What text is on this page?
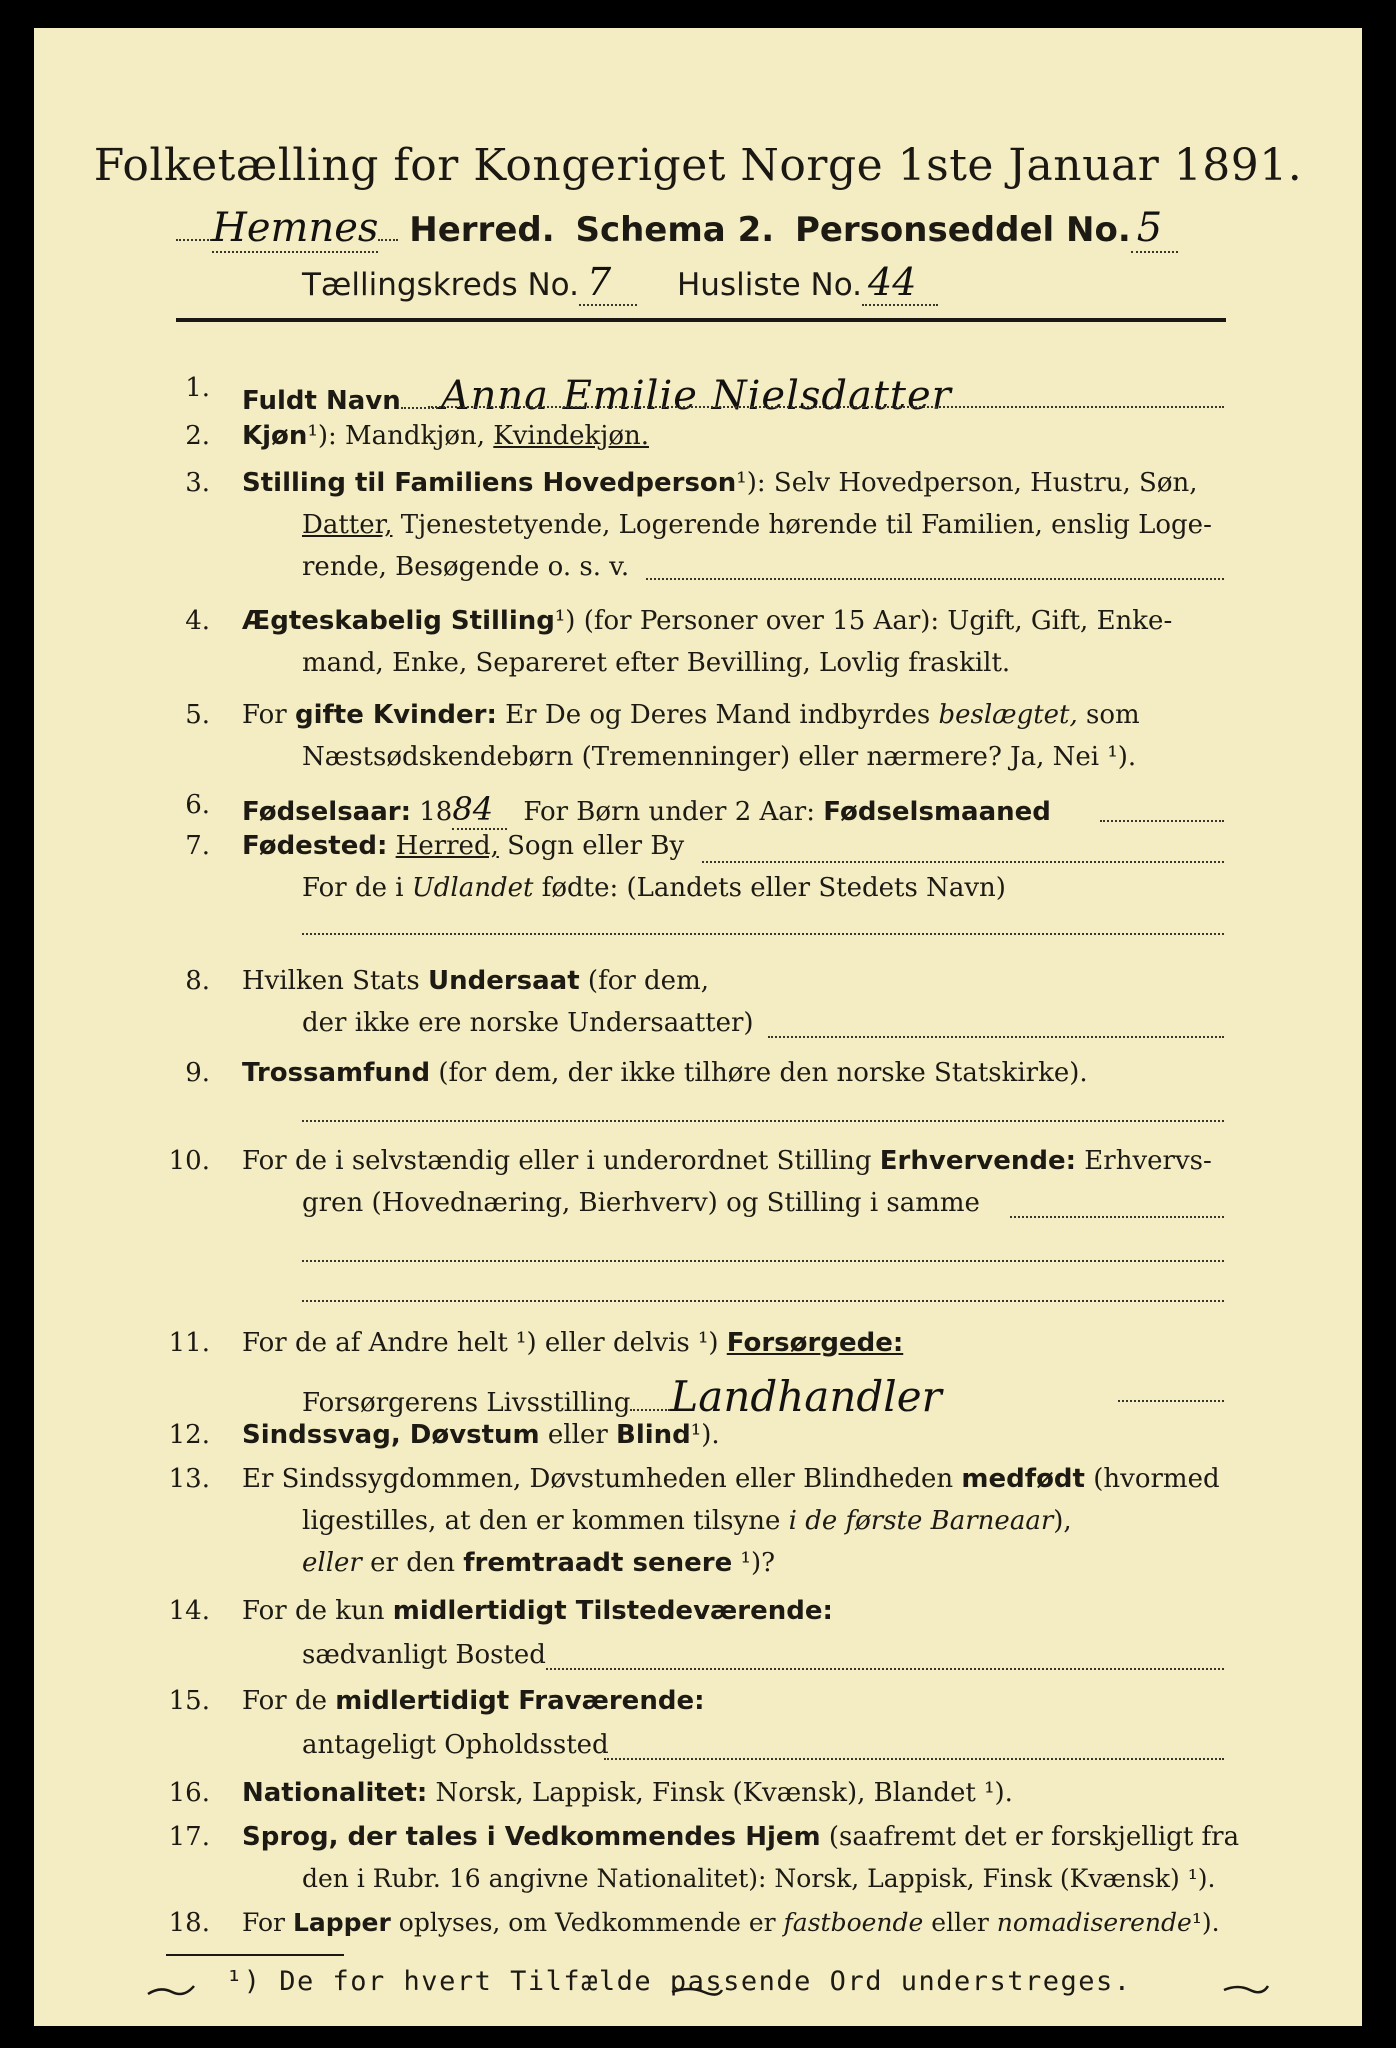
Folketælling for Kongeriget Norge 1ste Januar 1891.
Hemnes Herred. Schema 2. Personseddel No. 5
Tællingskreds No. 7 Husliste No. 44
1. Fuldt Navn Anna Emilie Nielsdatter
2. Kjøn¹): Mandkjøn, Kvindekjøn.
3. Stilling til Familiens Hovedperson¹): Selv Hovedperson, Hustru, Søn,
Datter, Tjenestetyende, Logerende hørende til Familien, enslig Loge-
rende, Besøgende o. s. v.
4. Ægteskabelig Stilling¹) (for Personer over 15 Aar): Ugift, Gift, Enke-
mand, Enke, Separeret efter Bevilling, Lovlig fraskilt.
5. For gifte Kvinder: Er De og Deres Mand indbyrdes beslægtet, som
Næstsødskendebørn (Tremenninger) eller nærmere? Ja, Nei ¹).
6. Fødselsaar: 1884 For Børn under 2 Aar: Fødselsmaaned
7. Fødested: Herred, Sogn eller By
For de i Udlandet fødte: (Landets eller Stedets Navn)
8. Hvilken Stats Undersaat (for dem,
der ikke ere norske Undersaatter)
9. Trossamfund (for dem, der ikke tilhøre den norske Statskirke).
10. For de i selvstændig eller i underordnet Stilling Erhvervende: Erhvervs-
gren (Hovednæring, Bierhverv) og Stilling i samme
11. For de af Andre helt ¹) eller delvis ¹) Forsørgede:
Forsørgerens Livsstilling Landhandler
12. Sindssvag, Døvstum eller Blind¹).
13. Er Sindssygdommen, Døvstumheden eller Blindheden medfødt (hvormed
ligestilles, at den er kommen tilsyne i de første Barneaar),
eller er den fremtraadt senere ¹)?
14. For de kun midlertidigt Tilstedeværende:
sædvanligt Bosted
15. For de midlertidigt Fraværende:
antageligt Opholdssted
16. Nationalitet: Norsk, Lappisk, Finsk (Kvænsk), Blandet ¹).
17. Sprog, der tales i Vedkommendes Hjem (saafremt det er forskjelligt fra
den i Rubr. 16 angivne Nationalitet): Norsk, Lappisk, Finsk (Kvænsk) ¹).
18. For Lapper oplyses, om Vedkommende er fastboende eller nomadiserende¹).
¹) De for hvert Tilfælde passende Ord understreges.
